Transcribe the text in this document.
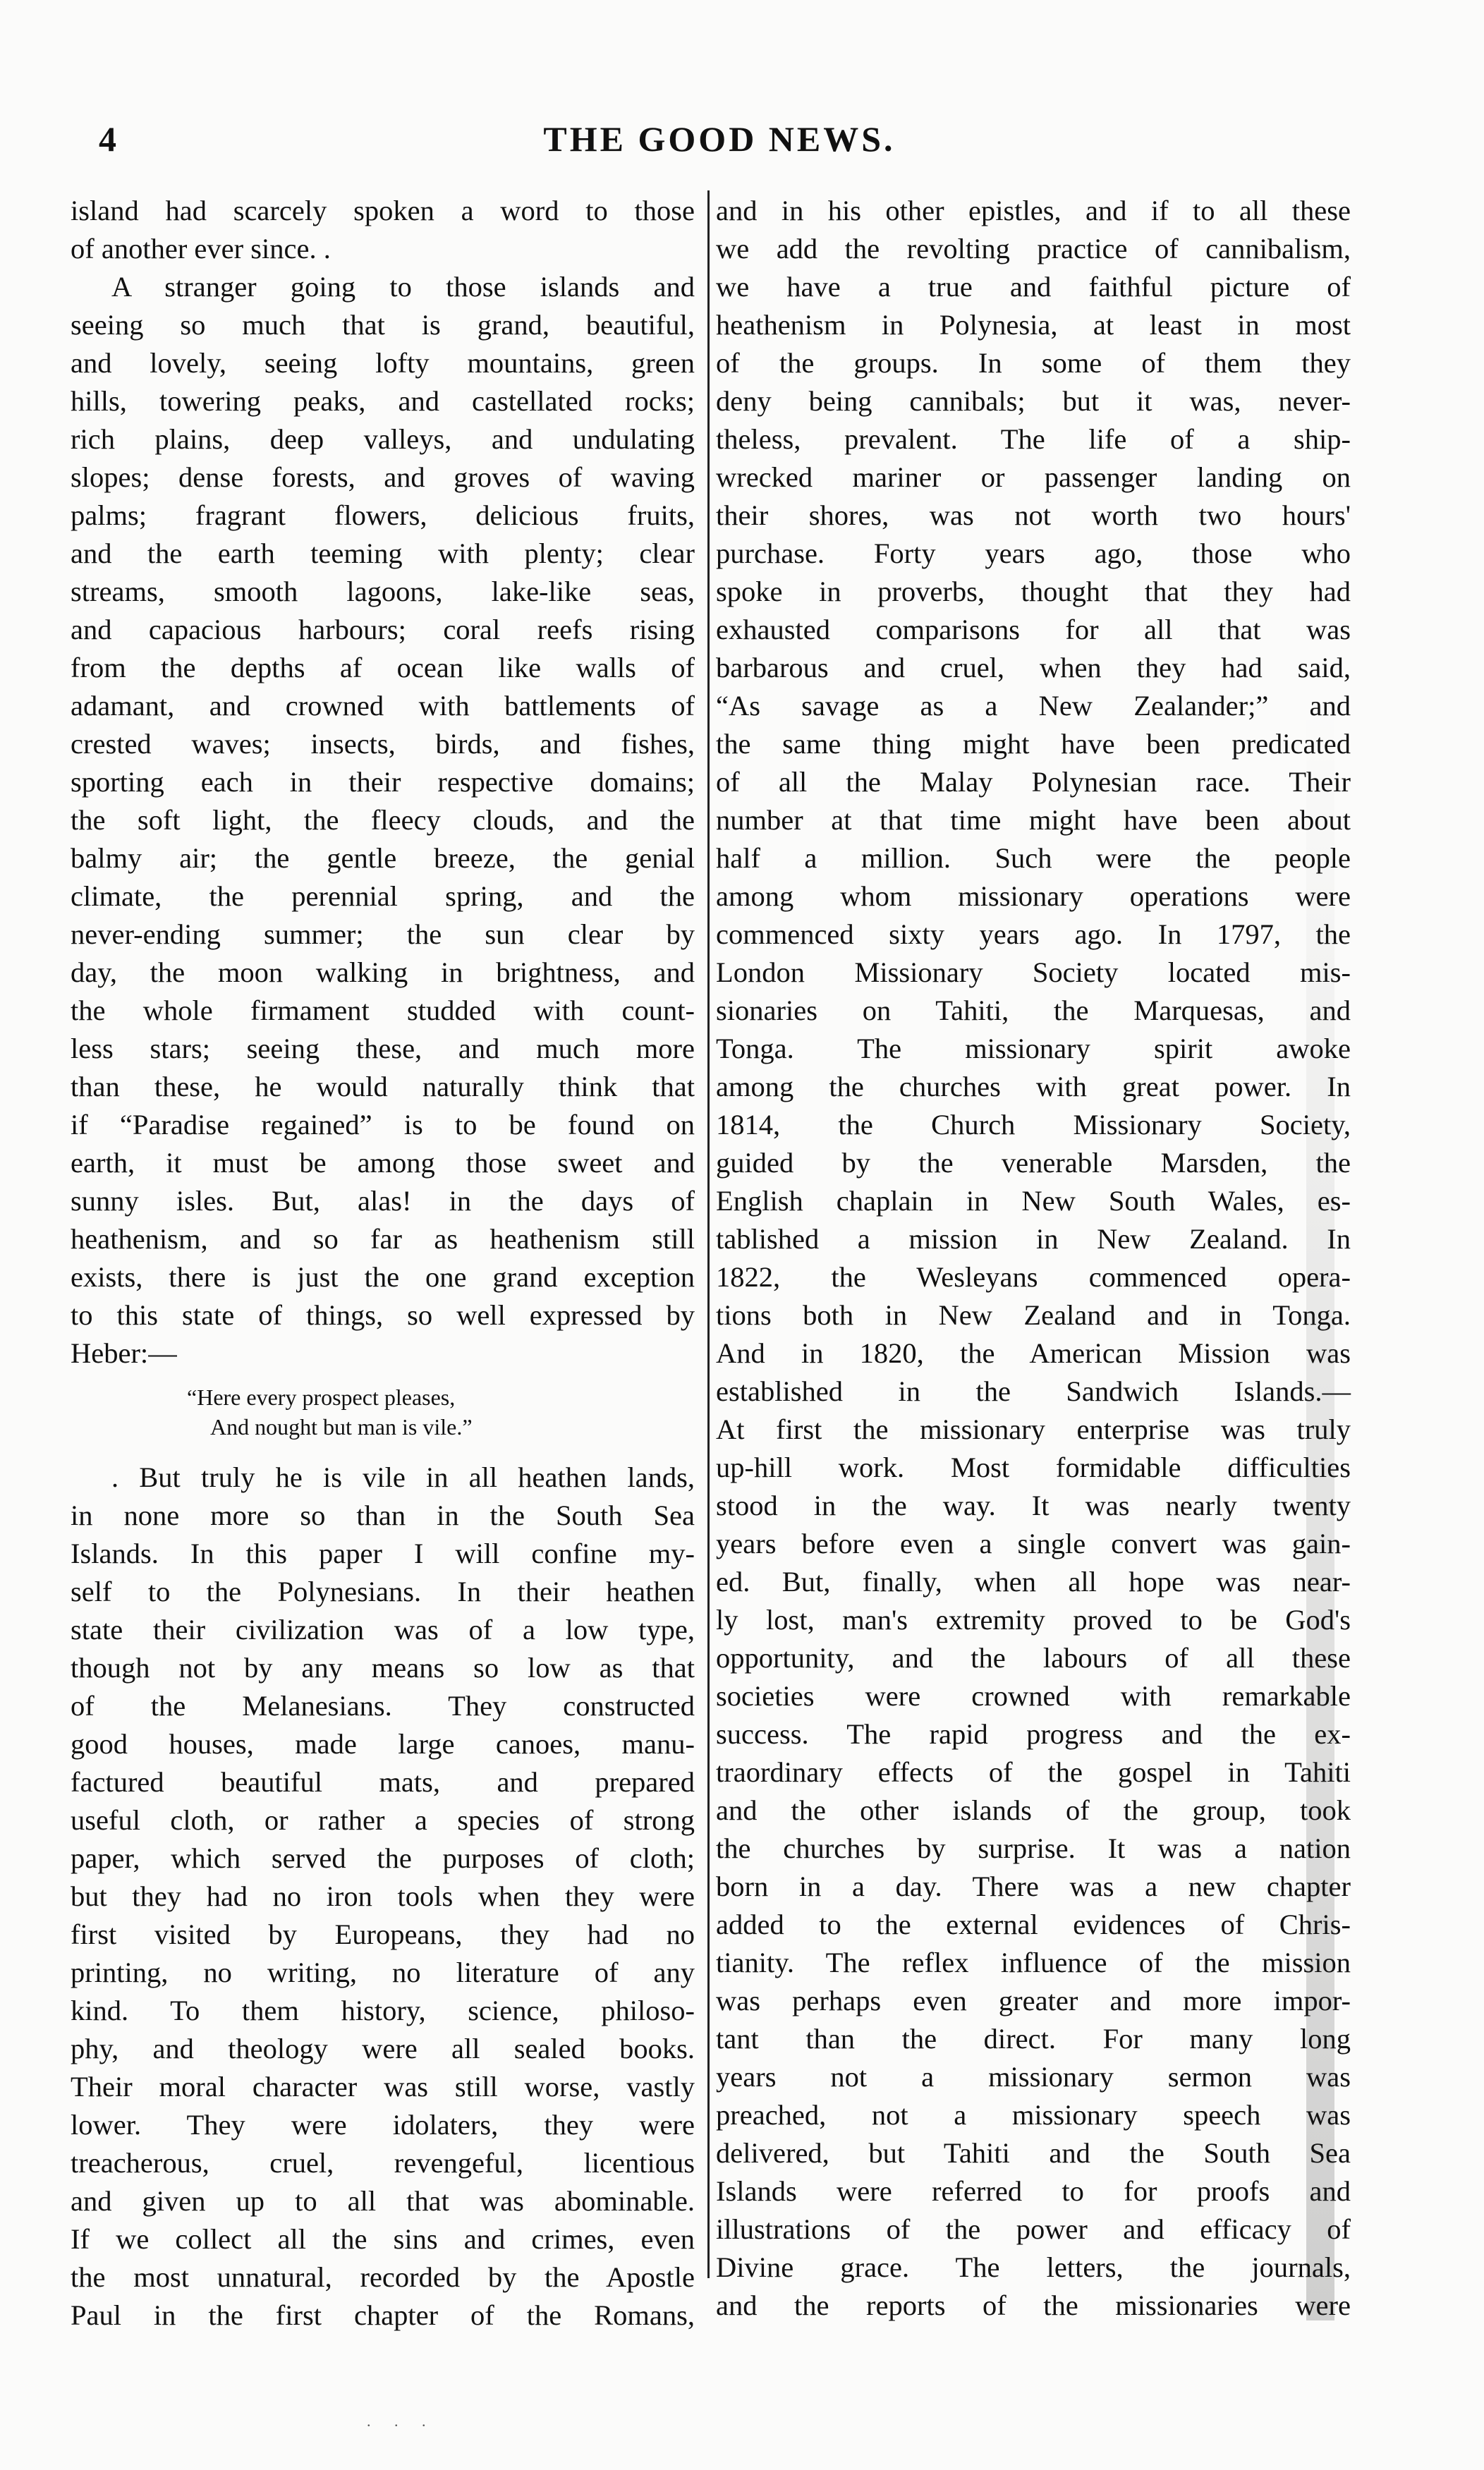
4	THE GOOD NEWS.
island had scarcely spoken a word to those
of another ever since. .
A stranger going to those islands and
seeing so much that is grand, beautiful,
and lovely, seeing lofty mountains, green
hills, towering peaks, and castellated rocks;
rich plains, deep valleys, and undulating
slopes; dense forests, and groves of waving
palms; fragrant flowers, delicious fruits,
and the earth teeming with plenty; clear
streams, smooth lagoons, lake-like seas,
and capacious harbours; coral reefs rising
from the depths af ocean like walls of
adamant, and crowned with battlements of
crested waves; insects, birds, and fishes,
sporting each in their respective domains;
the soft light, the fleecy clouds, and the
balmy air; the gentle breeze, the genial
climate, the perennial spring, and the
never-ending summer; the sun clear by
day, the moon walking in brightness, and
the whole firmament studded with count-
less stars; seeing these, and much more
than these, he would naturally think that
if “Paradise regained” is to be found on
earth, it must be among those sweet and
sunny isles. But, alas! in the days of
heathenism, and so far as heathenism still
exists, there is just the one grand exception
to this state of things, so well expressed by
Heber:—
“Here every prospect pleases,
And nought but man is vile.”
. But truly he is vile in all heathen lands,
in none more so than in the South Sea
Islands. In this paper I will confine my-
self to the Polynesians. In their heathen
state their civilization was of a low type,
though not by any means so low as that
of the Melanesians. They constructed
good houses, made large canoes, manu-
factured beautiful mats, and prepared
useful cloth, or rather a species of strong
paper, which served the purposes of cloth;
but they had no iron tools when they were
first visited by Europeans, they had no
printing, no writing, no literature of any
kind. To them history, science, philoso-
phy, and theology were all sealed books.
Their moral character was still worse, vastly
lower. They were idolaters, they were
treacherous, cruel, revengeful, licentious
and given up to all that was abominable.
If we collect all the sins and crimes, even
the most unnatural, recorded by the Apostle
Paul in the first chapter of the Romans,
and in his other epistles, and if to all these
we add the revolting practice of cannibalism,
we have a true and faithful picture of
heathenism in Polynesia, at least in most
of the groups. In some of them they
deny being cannibals; but it was, never-
theless, prevalent. The life of a ship-
wrecked mariner or passenger landing on
their shores, was not worth two hours'
purchase. Forty years ago, those who
spoke in proverbs, thought that they had
exhausted comparisons for all that was
barbarous and cruel, when they had said,
“As savage as a New Zealander;” and
the same thing might have been predicated
of all the Malay Polynesian race. Their
number at that time might have been about
half a million. Such were the people
among whom missionary operations were
commenced sixty years ago. In 1797, the
London Missionary Society located mis-
sionaries on Tahiti, the Marquesas, and
Tonga. The missionary spirit awoke
among the churches with great power. In
1814, the Church Missionary Society,
guided by the venerable Marsden, the
English chaplain in New South Wales, es-
tablished a mission in New Zealand. In
1822, the Wesleyans commenced opera-
tions both in New Zealand and in Tonga.
And in 1820, the American Mission was
established in the Sandwich Islands.—
At first the missionary enterprise was truly
up-hill work. Most formidable difficulties
stood in the way. It was nearly twenty
years before even a single convert was gain-
ed. But, finally, when all hope was near-
ly lost, man's extremity proved to be God's
opportunity, and the labours of all these
societies were crowned with remarkable
success. The rapid progress and the ex-
traordinary effects of the gospel in Tahiti
and the other islands of the group, took
the churches by surprise. It was a nation
born in a day. There was a new chapter
added to the external evidences of Chris-
tianity. The reflex influence of the mission
was perhaps even greater and more impor-
tant than the direct. For many long
years not a missionary sermon was
preached, not a missionary speech was
delivered, but Tahiti and the South Sea
Islands were referred to for proofs and
illustrations of the power and efficacy of
Divine grace. The letters, the journals,
and the reports of the missionaries were
. . .
